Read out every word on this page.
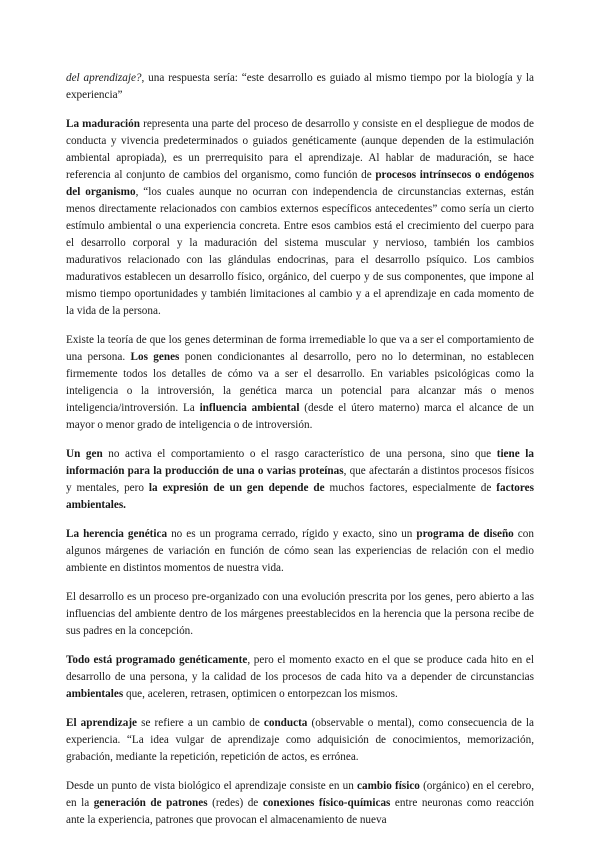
del aprendizaje?, una respuesta sería: “este desarrollo es guiado al mismo tiempo por la biología y la experiencia”

La maduración representa una parte del proceso de desarrollo y consiste en el despliegue de modos de conducta y vivencia predeterminados o guiados genéticamente (aunque dependen de la estimulación ambiental apropiada), es un prerrequisito para el aprendizaje. Al hablar de maduración, se hace referencia al conjunto de cambios del organismo, como función de procesos intrínsecos o endógenos del organismo, “los cuales aunque no ocurran con independencia de circunstancias externas, están menos directamente relacionados con cambios externos específicos antecedentes” como sería un cierto estímulo ambiental o una experiencia concreta. Entre esos cambios está el crecimiento del cuerpo para el desarrollo corporal y la maduración del sistema muscular y nervioso, también los cambios madurativos relacionado con las glándulas endocrinas, para el desarrollo psíquico. Los cambios madurativos establecen un desarrollo físico, orgánico, del cuerpo y de sus componentes, que impone al mismo tiempo oportunidades y también limitaciones al cambio y a el aprendizaje en cada momento de la vida de la persona.

Existe la teoría de que los genes determinan de forma irremediable lo que va a ser el comportamiento de una persona. Los genes ponen condicionantes al desarrollo, pero no lo determinan, no establecen firmemente todos los detalles de cómo va a ser el desarrollo. En variables psicológicas como la inteligencia o la introversión, la genética marca un potencial para alcanzar más o menos inteligencia/introversión. La influencia ambiental (desde el útero materno) marca el alcance de un mayor o menor grado de inteligencia o de introversión.

Un gen no activa el comportamiento o el rasgo característico de una persona, sino que tiene la información para la producción de una o varias proteínas, que afectarán a distintos procesos físicos y mentales, pero la expresión de un gen depende de muchos factores, especialmente de factores ambientales.

La herencia genética no es un programa cerrado, rígido y exacto, sino un programa de diseño con algunos márgenes de variación en función de cómo sean las experiencias de relación con el medio ambiente en distintos momentos de nuestra vida.

El desarrollo es un proceso pre-organizado con una evolución prescrita por los genes, pero abierto a las influencias del ambiente dentro de los márgenes preestablecidos en la herencia que la persona recibe de sus padres en la concepción.

Todo está programado genéticamente, pero el momento exacto en el que se produce cada hito en el desarrollo de una persona, y la calidad de los procesos de cada hito va a depender de circunstancias ambientales que, aceleren, retrasen, optimicen o entorpezcan los mismos.

El aprendizaje se refiere a un cambio de conducta (observable o mental), como consecuencia de la experiencia. “La idea vulgar de aprendizaje como adquisición de conocimientos, memorización, grabación, mediante la repetición, repetición de actos, es errónea.

Desde un punto de vista biológico el aprendizaje consiste en un cambio físico (orgánico) en el cerebro, en la generación de patrones (redes) de conexiones físico-químicas entre neuronas como reacción ante la experiencia, patrones que provocan el almacenamiento de nueva
